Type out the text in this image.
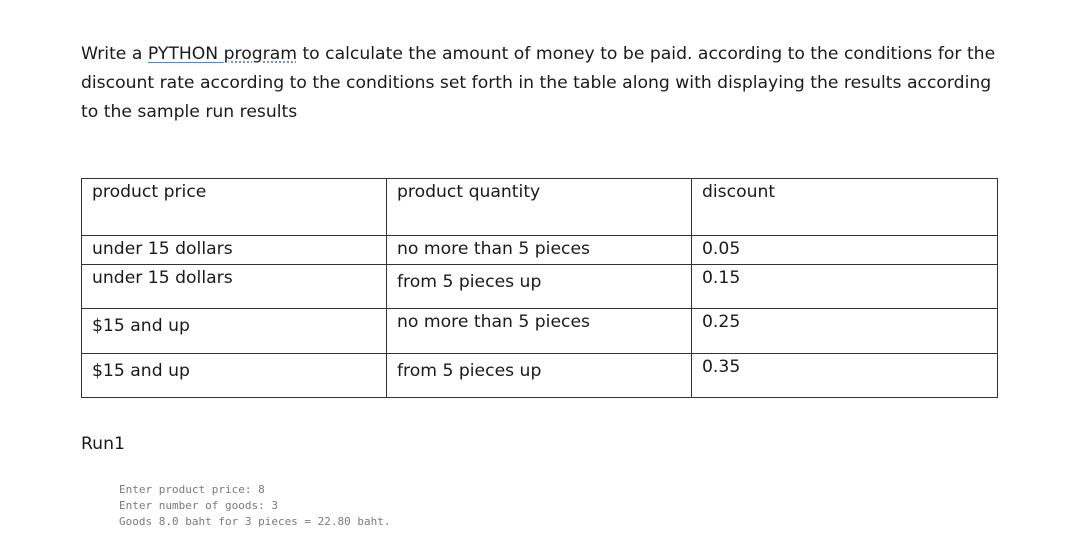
Write a PYTHON program to calculate the amount of money to be paid. according to the conditions for the discount rate according to the conditions set forth in the table along with displaying the results according to the sample run results

product price	product quantity	discount
under 15 dollars	no more than 5 pieces	0.05
under 15 dollars	from 5 pieces up	0.15
$15 and up	no more than 5 pieces	0.25
$15 and up	from 5 pieces up	0.35

Run1

Enter product price: 8
Enter number of goods: 3
Goods 8.0 baht for 3 pieces = 22.80 baht.
